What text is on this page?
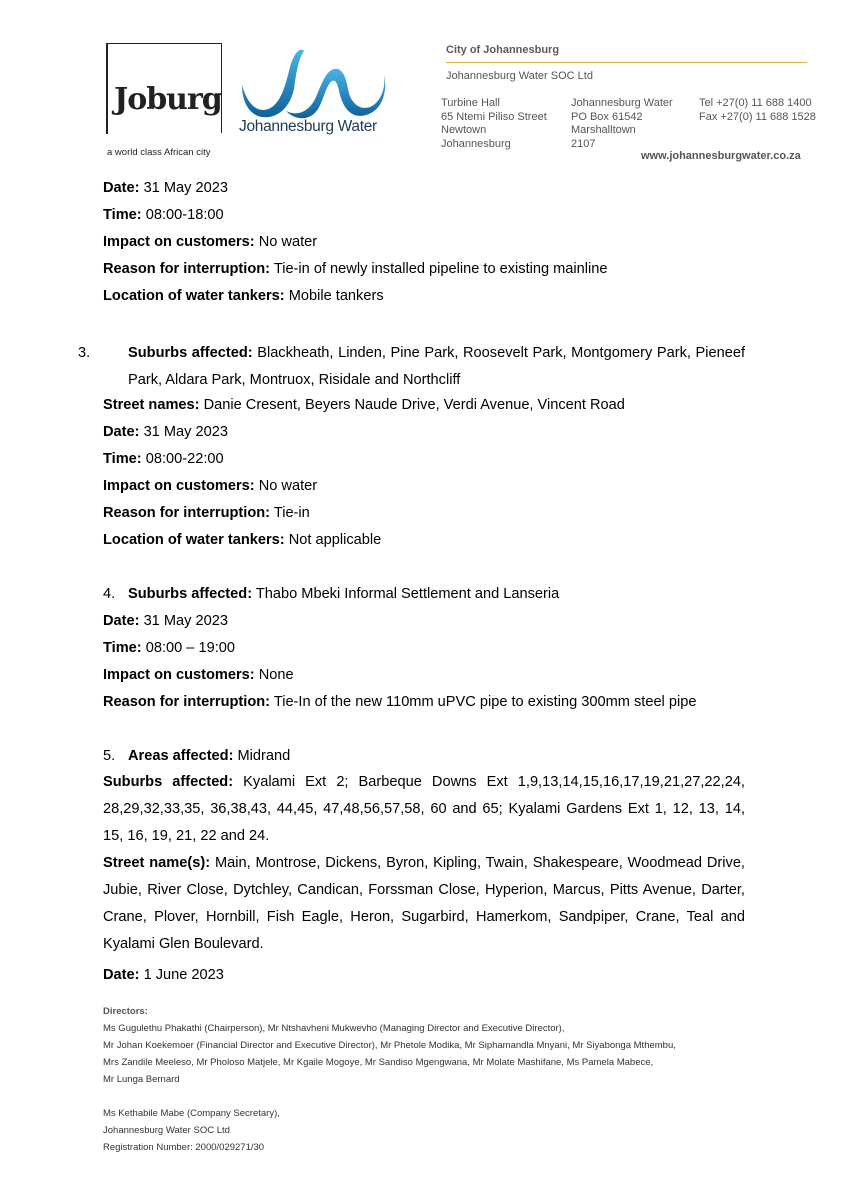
Joburg
a world class African city
Johannesburg Water
City of Johannesburg
Johannesburg Water SOC Ltd
Turbine Hall
65 Ntemi Piliso Street
Newtown
Johannesburg
Johannesburg Water
PO Box 61542
Marshalltown
2107
Tel +27(0) 11 688 1400
Fax +27(0) 11 688 1528
www.johannesburgwater.co.za
Date: 31 May 2023
Time: 08:00-18:00
Impact on customers: No water
Reason for interruption: Tie-in of newly installed pipeline to existing mainline
Location of water tankers: Mobile tankers
3.	Suburbs affected: Blackheath, Linden, Pine Park, Roosevelt Park, Montgomery Park, Pieneef Park, Aldara Park, Montruox, Risidale and Northcliff
Street names: Danie Cresent, Beyers Naude Drive, Verdi Avenue, Vincent Road
Date: 31 May 2023
Time: 08:00-22:00
Impact on customers: No water
Reason for interruption: Tie-in
Location of water tankers: Not applicable
4. Suburbs affected: Thabo Mbeki Informal Settlement and Lanseria
Date: 31 May 2023
Time: 08:00 – 19:00
Impact on customers: None
Reason for interruption: Tie-In of the new 110mm uPVC pipe to existing 300mm steel pipe
5. Areas affected: Midrand
Suburbs affected: Kyalami Ext 2; Barbeque Downs Ext 1,9,13,14,15,16,17,19,21,27,22,24, 28,29,32,33,35, 36,38,43, 44,45, 47,48,56,57,58, 60 and 65; Kyalami Gardens Ext 1, 12, 13, 14, 15, 16, 19, 21, 22 and 24.
Street name(s): Main, Montrose, Dickens, Byron, Kipling, Twain, Shakespeare, Woodmead Drive, Jubie, River Close, Dytchley, Candican, Forssman Close, Hyperion, Marcus, Pitts Avenue, Darter, Crane, Plover, Hornbill, Fish Eagle, Heron, Sugarbird, Hamerkom, Sandpiper, Crane, Teal and Kyalami Glen Boulevard.
Date: 1 June 2023
Directors:
Ms Gugulethu Phakathi (Chairperson), Mr Ntshavheni Mukwevho (Managing Director and Executive Director),
Mr Johan Koekemoer (Financial Director and Executive Director), Mr Phetole Modika, Mr Siphamandla Mnyani, Mr Siyabonga Mthembu,
Mrs Zandile Meeleso, Mr Pholoso Matjele, Mr Kgaile Mogoye, Mr Sandiso Mgengwana, Mr Molate Mashifane, Ms Pamela Mabece,
Mr Lunga Bernard
Ms Kethabile Mabe (Company Secretary),
Johannesburg Water SOC Ltd
Registration Number: 2000/029271/30
